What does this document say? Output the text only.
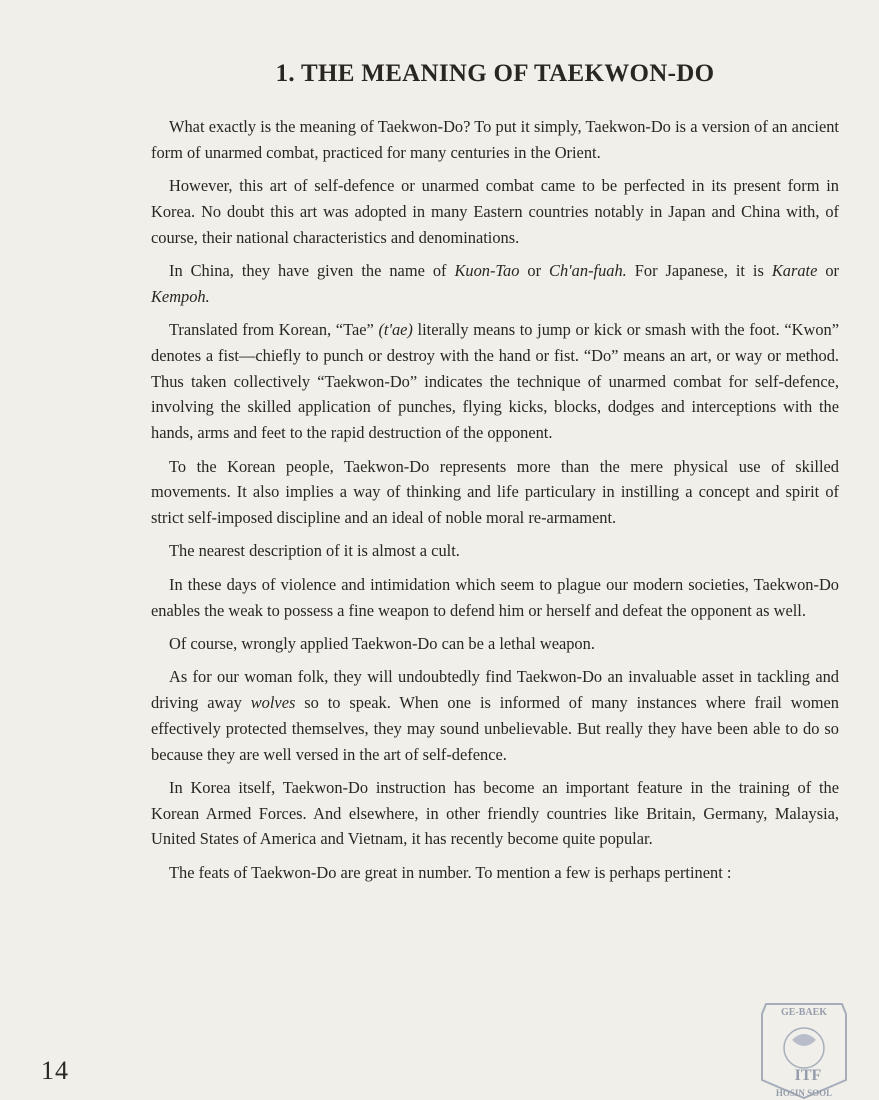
1. THE MEANING OF TAEKWON-DO

What exactly is the meaning of Taekwon-Do? To put it simply, Taekwon-Do is a version of an ancient form of unarmed combat, practiced for many centuries in the Orient.

However, this art of self-defence or unarmed combat came to be perfected in its present form in Korea. No doubt this art was adopted in many Eastern countries notably in Japan and China with, of course, their national characteristics and denominations.

In China, they have given the name of Kuon-Tao or Ch'an-fuah. For Japanese, it is Karate or Kempoh.

Translated from Korean, “Tae” (t'ae) literally means to jump or kick or smash with the foot. “Kwon” denotes a fist—chiefly to punch or destroy with the hand or fist. “Do” means an art, or way or method. Thus taken collectively “Taekwon-Do” indicates the technique of unarmed combat for self-defence, involving the skilled application of punches, flying kicks, blocks, dodges and interceptions with the hands, arms and feet to the rapid destruction of the opponent.

To the Korean people, Taekwon-Do represents more than the mere physical use of skilled movements. It also implies a way of thinking and life particulary in instilling a concept and spirit of strict self-imposed discipline and an ideal of noble moral re-armament.

The nearest description of it is almost a cult.

In these days of violence and intimidation which seem to plague our modern societies, Taekwon-Do enables the weak to possess a fine weapon to defend him or herself and defeat the opponent as well.

Of course, wrongly applied Taekwon-Do can be a lethal weapon.

As for our woman folk, they will undoubtedly find Taekwon-Do an invaluable asset in tackling and driving away wolves so to speak. When one is informed of many instances where frail women effectively protected themselves, they may sound unbelievable. But really they have been able to do so because they are well versed in the art of self-defence.

In Korea itself, Taekwon-Do instruction has become an important feature in the training of the Korean Armed Forces. And elsewhere, in other friendly countries like Britain, Germany, Malaysia, United States of America and Vietnam, it has recently become quite popular.

The feats of Taekwon-Do are great in number. To mention a few is perhaps pertinent :

14
GE-BAEK
ITF
HOSIN SOOL
